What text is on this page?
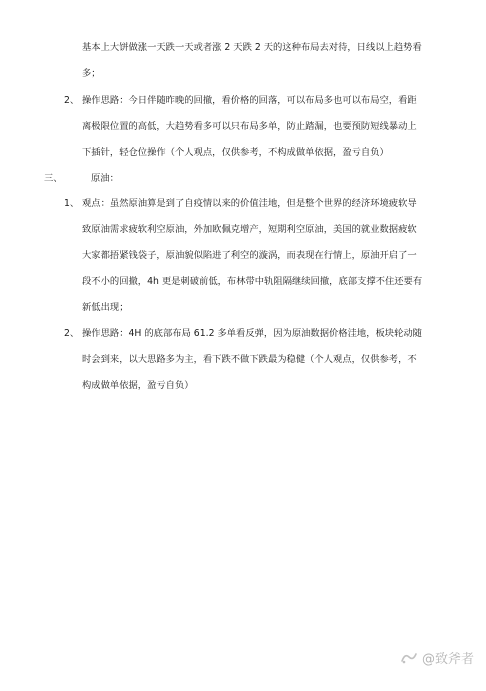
基本上大饼做涨一天跌一天或者涨 2 天跌 2 天的这种布局去对待，日线以上趋势看
多；
2、 操作思路：今日伴随昨晚的回撤，看价格的回落，可以布局多也可以布局空，看距
离极限位置的高低，大趋势看多可以只布局多单，防止踏漏，也要预防短线暴动上
下插针，轻仓位操作（个人观点，仅供参考，不构成做单依据，盈亏自负）
三、	原油：
1、 观点：虽然原油算是到了自疫情以来的价值洼地，但是整个世界的经济环境疲软导
致原油需求疲软利空原油，外加欧佩克增产，短期利空原油，美国的就业数据疲软
大家都捂紧钱袋子，原油貌似陷进了利空的漩涡，而表现在行情上，原油开启了一
段不小的回撤，4h 更是刺破前低，布林带中轨阻隔继续回撤，底部支撑不住还要有
新低出现；
2、 操作思路：4H 的底部布局 61.2 多单看反弹，因为原油数据价格洼地，板块轮动随
时会到来，以大思路多为主，看下跌不做下跌最为稳健（个人观点，仅供参考，不
构成做单依据，盈亏自负）
@致斧者
